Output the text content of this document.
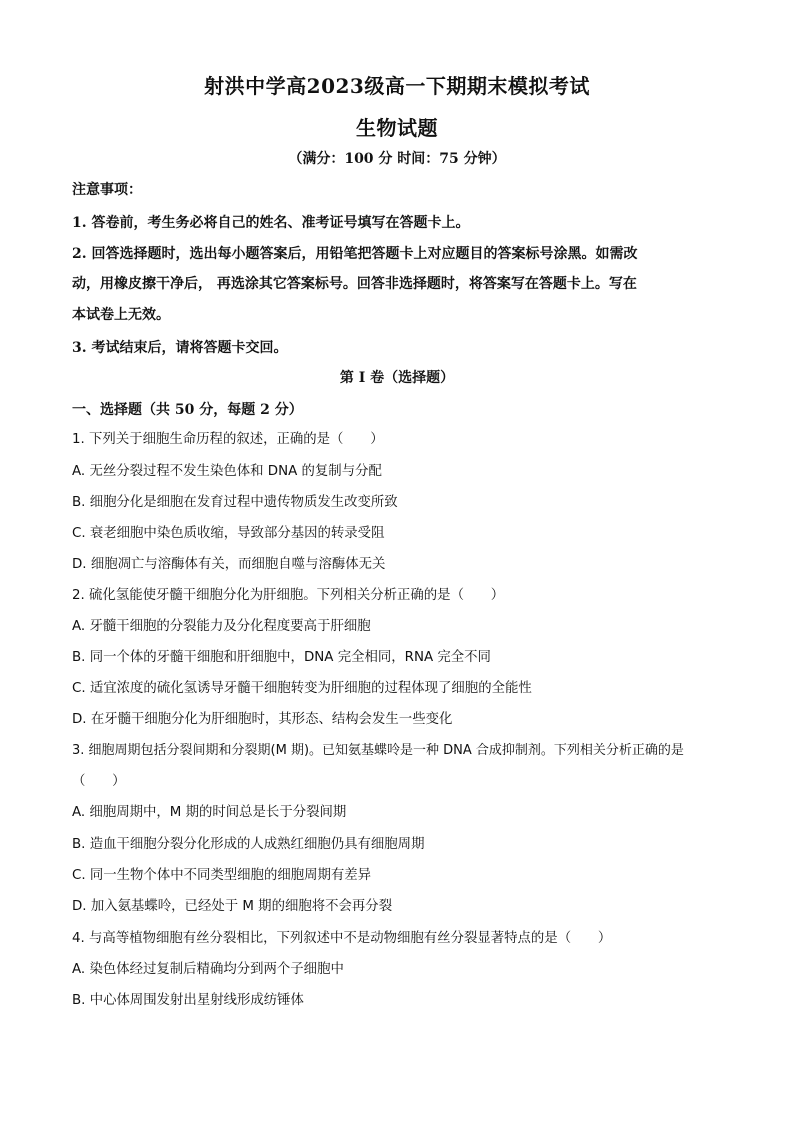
射洪中学高2023级高一下期期末模拟考试
生物试题
（满分：100 分 时间：75 分钟）
注意事项：
1. 答卷前，考生务必将自己的姓名、准考证号填写在答题卡上。
2. 回答选择题时，选出每小题答案后，用铅笔把答题卡上对应题目的答案标号涂黑。如需改
动，用橡皮擦干净后， 再选涂其它答案标号。回答非选择题时，将答案写在答题卡上。写在
本试卷上无效。
3. 考试结束后，请将答题卡交回。
第 I 卷（选择题）
一、选择题（共 50 分，每题 2 分）
1. 下列关于细胞生命历程的叙述，正确的是（　　）
A. 无丝分裂过程不发生染色体和 DNA 的复制与分配
B. 细胞分化是细胞在发育过程中遗传物质发生改变所致
C. 衰老细胞中染色质收缩，导致部分基因的转录受阻
D. 细胞凋亡与溶酶体有关，而细胞自噬与溶酶体无关
2. 硫化氢能使牙髓干细胞分化为肝细胞。下列相关分析正确的是（　　）
A. 牙髓干细胞的分裂能力及分化程度要高于肝细胞
B. 同一个体的牙髓干细胞和肝细胞中，DNA 完全相同，RNA 完全不同
C. 适宜浓度的硫化氢诱导牙髓干细胞转变为肝细胞的过程体现了细胞的全能性
D. 在牙髓干细胞分化为肝细胞时，其形态、结构会发生一些变化
3. 细胞周期包括分裂间期和分裂期(M 期)。已知氨基蝶呤是一种 DNA 合成抑制剂。下列相关分析正确的是
（　　）
A. 细胞周期中，M 期的时间总是长于分裂间期
B. 造血干细胞分裂分化形成的人成熟红细胞仍具有细胞周期
C. 同一生物个体中不同类型细胞的细胞周期有差异
D. 加入氨基蝶呤，已经处于 M 期的细胞将不会再分裂
4. 与高等植物细胞有丝分裂相比，下列叙述中不是动物细胞有丝分裂显著特点的是（　　）
A. 染色体经过复制后精确均分到两个子细胞中
B. 中心体周围发射出星射线形成纺锤体
